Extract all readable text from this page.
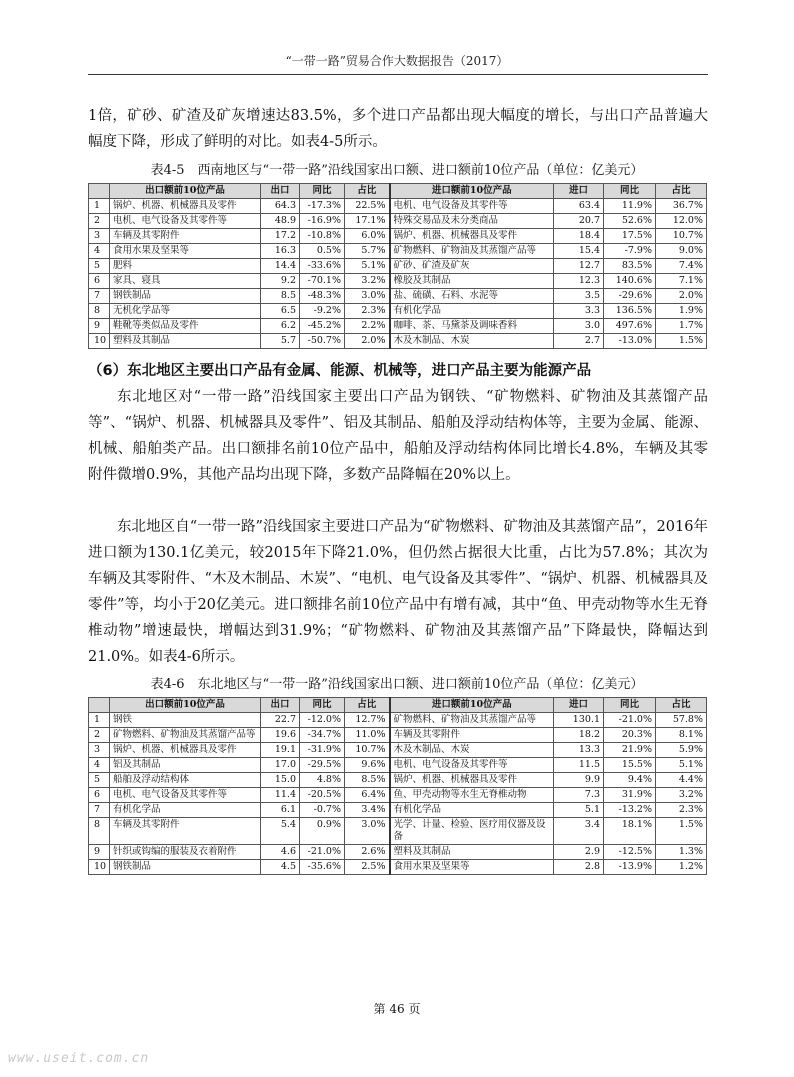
“一带一路”贸易合作大数据报告（2017）

1倍，矿砂、矿渣及矿灰增速达83.5%，多个进口产品都出现大幅度的增长，与出口产品普遍大幅度下降，形成了鲜明的对比。如表4-5所示。

表4-5　西南地区与“一带一路”沿线国家出口额、进口额前10位产品（单位：亿美元）

	出口额前10位产品	出口	同比	占比	进口额前10位产品	进口	同比	占比
1	锅炉、机器、机械器具及零件	64.3	-17.3%	22.5%	电机、电气设备及其零件等	63.4	11.9%	36.7%
2	电机、电气设备及其零件等	48.9	-16.9%	17.1%	特殊交易品及未分类商品	20.7	52.6%	12.0%
3	车辆及其零附件	17.2	-10.8%	6.0%	锅炉、机器、机械器具及零件	18.4	17.5%	10.7%
4	食用水果及坚果等	16.3	0.5%	5.7%	矿物燃料、矿物油及其蒸馏产品等	15.4	-7.9%	9.0%
5	肥料	14.4	-33.6%	5.1%	矿砂、矿渣及矿灰	12.7	83.5%	7.4%
6	家具、寝具	9.2	-70.1%	3.2%	橡胶及其制品	12.3	140.6%	7.1%
7	钢铁制品	8.5	-48.3%	3.0%	盐、硫磺、石料、水泥等	3.5	-29.6%	2.0%
8	无机化学品等	6.5	-9.2%	2.3%	有机化学品	3.3	136.5%	1.9%
9	鞋靴等类似品及零件	6.2	-45.2%	2.2%	咖啡、茶、马黛茶及调味香料	3.0	497.6%	1.7%
10	塑料及其制品	5.7	-50.7%	2.0%	木及木制品、木炭	2.7	-13.0%	1.5%

（6）东北地区主要出口产品有金属、能源、机械等，进口产品主要为能源产品

东北地区对“一带一路”沿线国家主要出口产品为钢铁、“矿物燃料、矿物油及其蒸馏产品等”、“锅炉、机器、机械器具及零件”、铝及其制品、船舶及浮动结构体等，主要为金属、能源、机械、船舶类产品。出口额排名前10位产品中，船舶及浮动结构体同比增长4.8%，车辆及其零附件微增0.9%，其他产品均出现下降，多数产品降幅在20%以上。

东北地区自“一带一路”沿线国家主要进口产品为“矿物燃料、矿物油及其蒸馏产品”，2016年进口额为130.1亿美元，较2015年下降21.0%，但仍然占据很大比重，占比为57.8%；其次为车辆及其零附件、“木及木制品、木炭”、“电机、电气设备及其零件”、“锅炉、机器、机械器具及零件”等，均小于20亿美元。进口额排名前10位产品中有增有减，其中“鱼、甲壳动物等水生无脊椎动物”增速最快，增幅达到31.9%；“矿物燃料、矿物油及其蒸馏产品”下降最快，降幅达到21.0%。如表4-6所示。

表4-6　东北地区与“一带一路”沿线国家出口额、进口额前10位产品（单位：亿美元）

	出口额前10位产品	出口	同比	占比	进口额前10位产品	进口	同比	占比
1	钢铁	22.7	-12.0%	12.7%	矿物燃料、矿物油及其蒸馏产品等	130.1	-21.0%	57.8%
2	矿物燃料、矿物油及其蒸馏产品等	19.6	-34.7%	11.0%	车辆及其零附件	18.2	20.3%	8.1%
3	锅炉、机器、机械器具及零件	19.1	-31.9%	10.7%	木及木制品、木炭	13.3	21.9%	5.9%
4	铝及其制品	17.0	-29.5%	9.6%	电机、电气设备及其零件等	11.5	15.5%	5.1%
5	船舶及浮动结构体	15.0	4.8%	8.5%	锅炉、机器、机械器具及零件	9.9	9.4%	4.4%
6	电机、电气设备及其零件等	11.4	-20.5%	6.4%	鱼、甲壳动物等水生无脊椎动物	7.3	31.9%	3.2%
7	有机化学品	6.1	-0.7%	3.4%	有机化学品	5.1	-13.2%	2.3%
8	车辆及其零附件	5.4	0.9%	3.0%	光学、计量、检验、医疗用仪器及设备	3.4	18.1%	1.5%
9	针织或钩编的服装及衣着附件	4.6	-21.0%	2.6%	塑料及其制品	2.9	-12.5%	1.3%
10	钢铁制品	4.5	-35.6%	2.5%	食用水果及坚果等	2.8	-13.9%	1.2%
第 46 页
www.useit.com.cn
